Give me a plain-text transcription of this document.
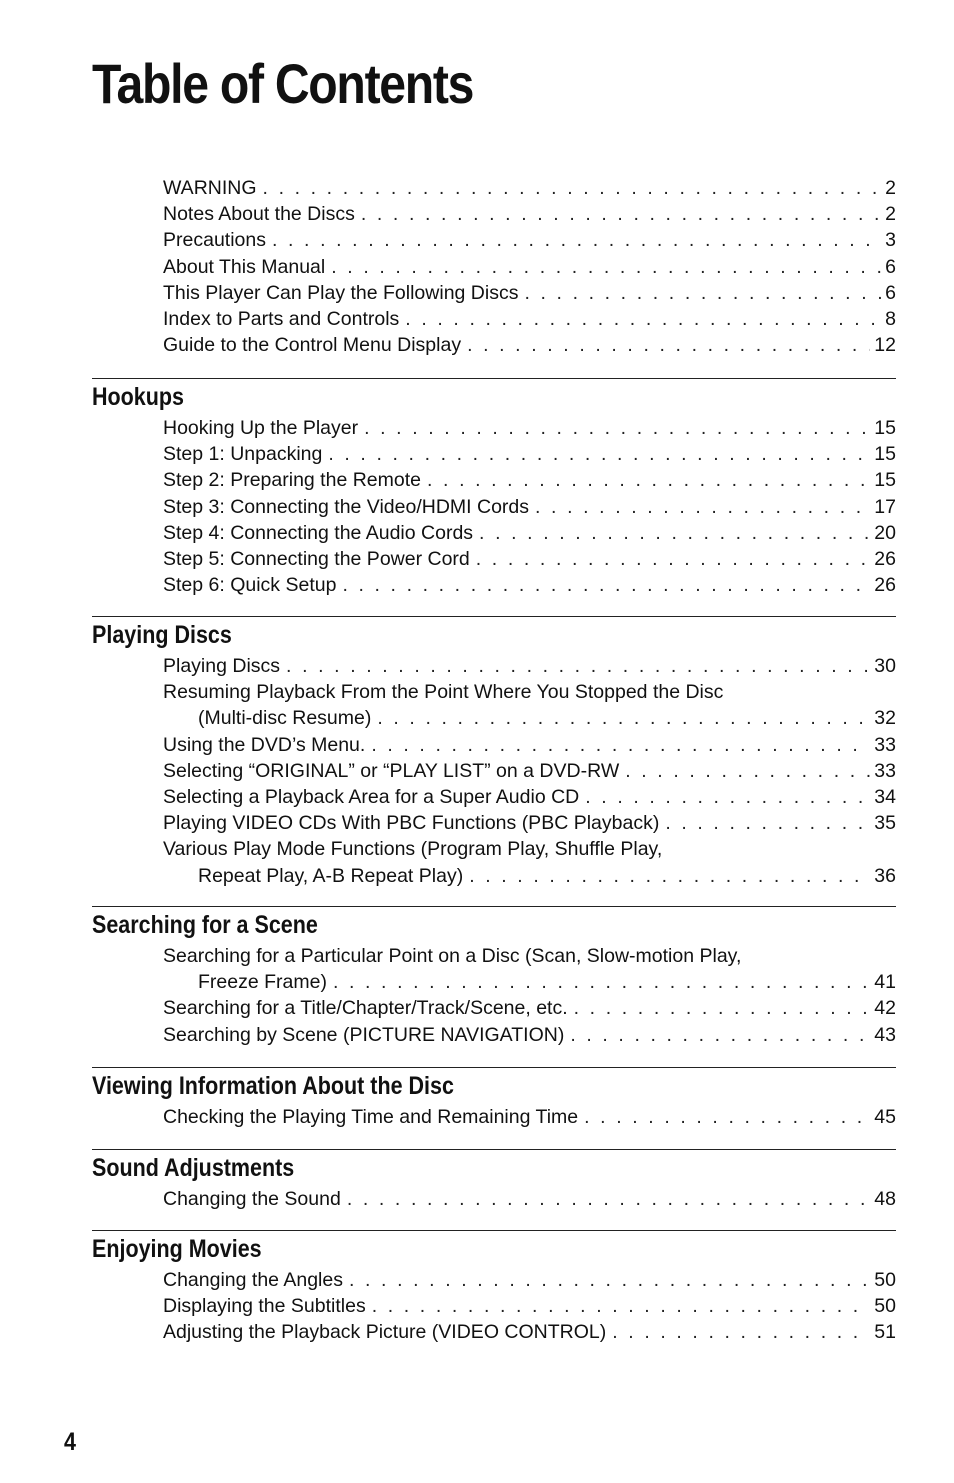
Table of Contents
WARNING . . .	2
Notes About the Discs . . .	2
Precautions . . .	3
About This Manual . . .	6
This Player Can Play the Following Discs . . .	6
Index to Parts and Controls . . .	8
Guide to the Control Menu Display . . .	12
Hookups
Hooking Up the Player . . .	15
Step 1: Unpacking . . .	15
Step 2: Preparing the Remote . . .	15
Step 3: Connecting the Video/HDMI Cords . . .	17
Step 4: Connecting the Audio Cords . . .	20
Step 5: Connecting the Power Cord . . .	26
Step 6: Quick Setup . . .	26
Playing Discs
Playing Discs . . .	30
Resuming Playback From the Point Where You Stopped the Disc
(Multi-disc Resume) . . .	32
Using the DVD’s Menu. . . .	33
Selecting “ORIGINAL” or “PLAY LIST” on a DVD-RW . . .	33
Selecting a Playback Area for a Super Audio CD . . .	34
Playing VIDEO CDs With PBC Functions (PBC Playback) . . .	35
Various Play Mode Functions (Program Play, Shuffle Play,
Repeat Play, A-B Repeat Play) . . .	36
Searching for a Scene
Searching for a Particular Point on a Disc (Scan, Slow-motion Play,
Freeze Frame) . . .	41
Searching for a Title/Chapter/Track/Scene, etc. . . .	42
Searching by Scene (PICTURE NAVIGATION) . . .	43
Viewing Information About the Disc
Checking the Playing Time and Remaining Time . . .	45
Sound Adjustments
Changing the Sound . . .	48
Enjoying Movies
Changing the Angles . . .	50
Displaying the Subtitles . . .	50
Adjusting the Playback Picture (VIDEO CONTROL) . . .	51
4
